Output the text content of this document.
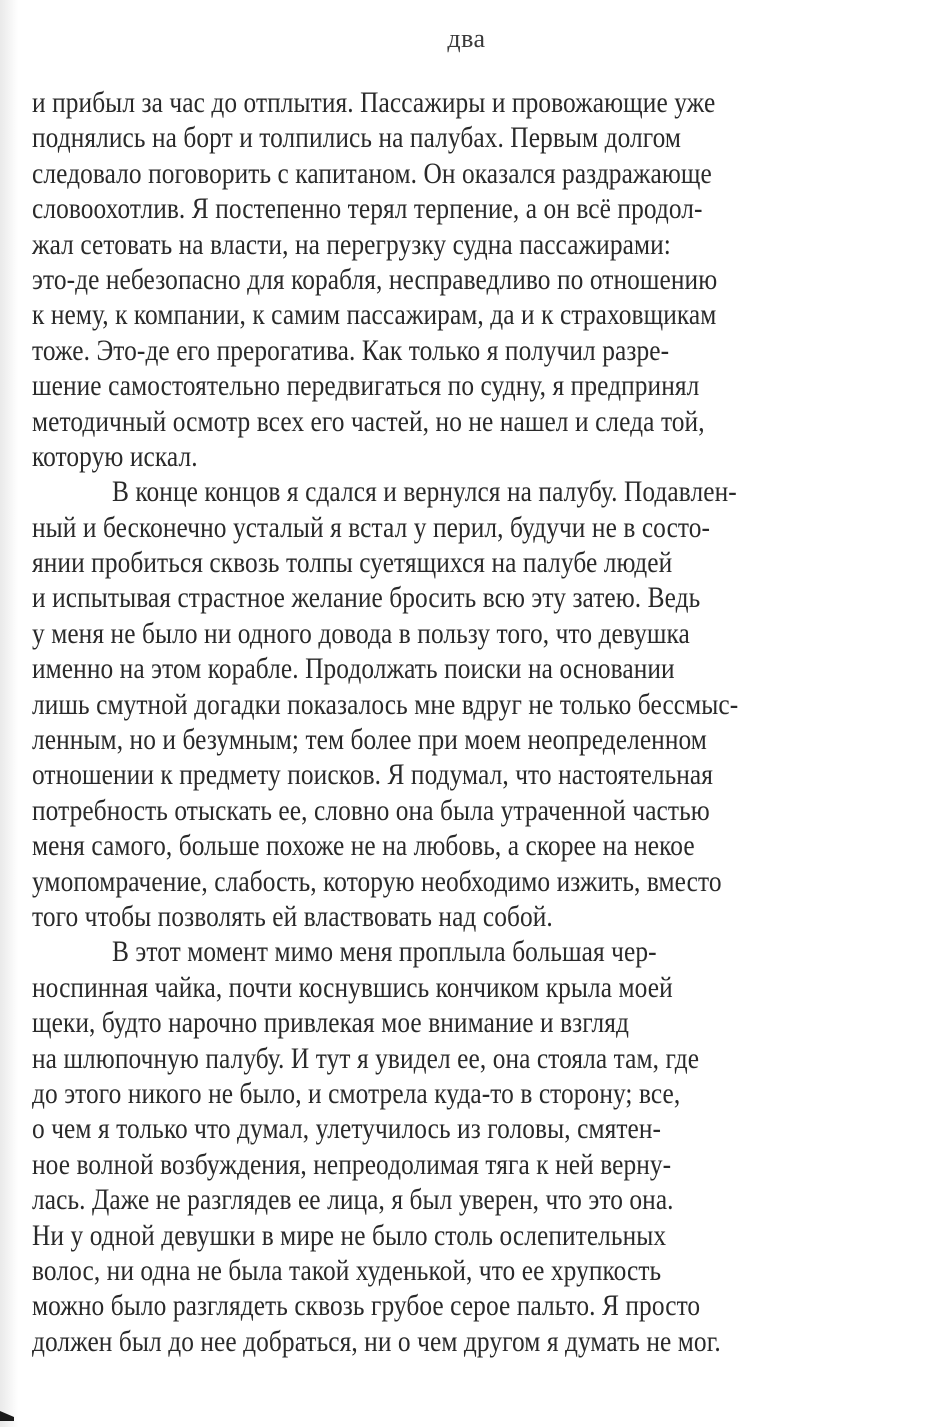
два
и прибыл за час до отплытия. Пассажиры и провожающие уже
поднялись на борт и толпились на палубах. Первым долгом
следовало поговорить с капитаном. Он оказался раздражающе
словоохотлив. Я постепенно терял терпение, а он всё продол-
жал сетовать на власти, на перегрузку судна пассажирами:
это-де небезопасно для корабля, несправедливо по отношению
к нему, к компании, к самим пассажирам, да и к страховщикам
тоже. Это-де его прерогатива. Как только я получил разре-
шение самостоятельно передвигаться по судну, я предпринял
методичный осмотр всех его частей, но не нашел и следа той,
которую искал.
В конце концов я сдался и вернулся на палубу. Подавлен-
ный и бесконечно усталый я встал у перил, будучи не в состо-
янии пробиться сквозь толпы суетящихся на палубе людей
и испытывая страстное желание бросить всю эту затею. Ведь
у меня не было ни одного довода в пользу того, что девушка
именно на этом корабле. Продолжать поиски на основании
лишь смутной догадки показалось мне вдруг не только бессмыс-
ленным, но и безумным; тем более при моем неопределенном
отношении к предмету поисков. Я подумал, что настоятельная
потребность отыскать ее, словно она была утраченной частью
меня самого, больше похоже не на любовь, а скорее на некое
умопомрачение, слабость, которую необходимо изжить, вместо
того чтобы позволять ей властвовать над собой.
В этот момент мимо меня проплыла большая чер-
носпинная чайка, почти коснувшись кончиком крыла моей
щеки, будто нарочно привлекая мое внимание и взгляд
на шлюпочную палубу. И тут я увидел ее, она стояла там, где
до этого никого не было, и смотрела куда-то в сторону; все,
о чем я только что думал, улетучилось из головы, смятен-
ное волной возбуждения, непреодолимая тяга к ней верну-
лась. Даже не разглядев ее лица, я был уверен, что это она.
Ни у одной девушки в мире не было столь ослепительных
волос, ни одна не была такой худенькой, что ее хрупкость
можно было разглядеть сквозь грубое серое пальто. Я просто
должен был до нее добраться, ни о чем другом я думать не мог.
